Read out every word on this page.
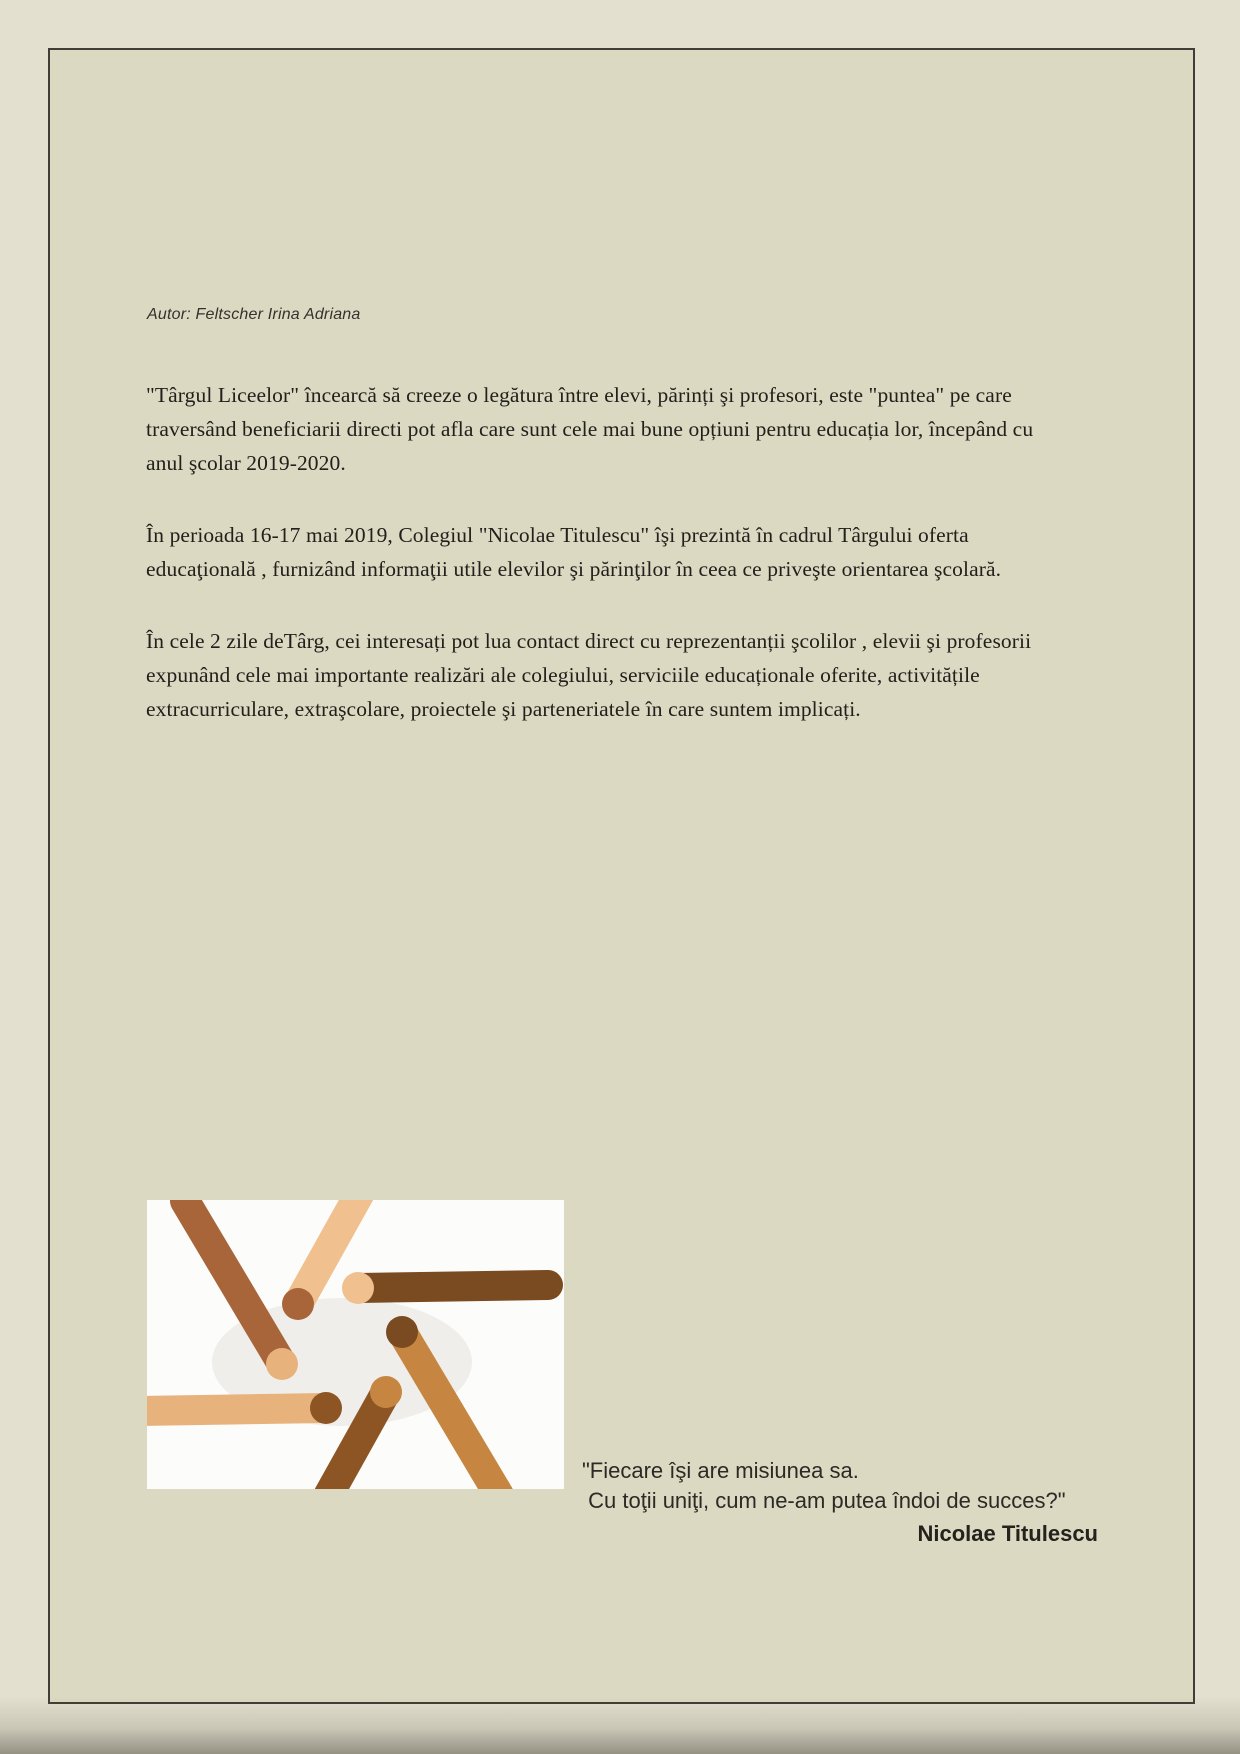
Autor: Feltscher Irina Adriana

"Târgul Liceelor" încearcă să creeze o legătura între elevi, părinți şi profesori, este "puntea" pe care traversând beneficiarii directi pot afla care sunt cele mai bune opțiuni pentru educația lor, începând cu anul şcolar 2019-2020.

În perioada 16-17 mai 2019, Colegiul "Nicolae Titulescu" îşi prezintă în cadrul Târgului oferta educaţională , furnizând informaţii utile elevilor şi părinţilor în ceea ce priveşte orientarea şcolară.

În cele 2 zile deTârg, cei interesați pot lua contact direct cu reprezentanții şcolilor , elevii şi profesorii expunând cele mai importante realizări ale colegiului, serviciile educaționale oferite, activitățile extracurriculare, extraşcolare, proiectele şi parteneriatele în care suntem implicați.

"Fiecare îşi are misiunea sa.
Cu toţii uniţi, cum ne-am putea îndoi de succes?"
Nicolae Titulescu
